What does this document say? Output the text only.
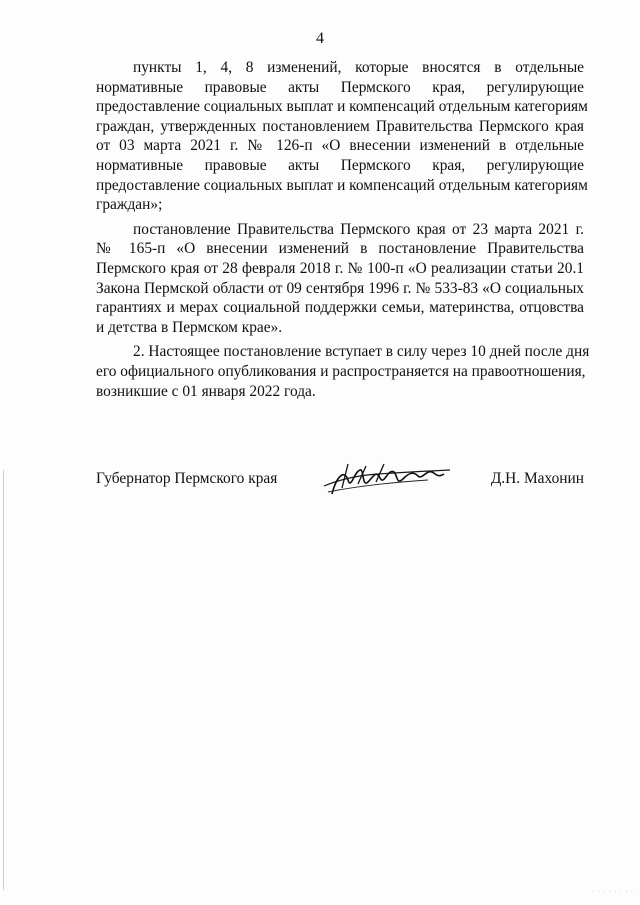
4
пункты 1, 4, 8 изменений, которые вносятся в отдельные
нормативные правовые акты Пермского края, регулирующие
предоставление социальных выплат и компенсаций отдельным категориям
граждан, утвержденных постановлением Правительства Пермского края
от 03 марта 2021 г. № 126-п «О внесении изменений в отдельные
нормативные правовые акты Пермского края, регулирующие
предоставление социальных выплат и компенсаций отдельным категориям
граждан»;
постановление Правительства Пермского края от 23 марта 2021 г.
№ 165-п «О внесении изменений в постановление Правительства
Пермского края от 28 февраля 2018 г. № 100-п «О реализации статьи 20.1
Закона Пермской области от 09 сентября 1996 г. № 533-83 «О социальных
гарантиях и мерах социальной поддержки семьи, материнства, отцовства
и детства в Пермском крае».
2. Настоящее постановление вступает в силу через 10 дней после дня
его официального опубликования и распространяется на правоотношения,
возникшие с 01 января 2022 года.
Губернатор Пермского края	Д.Н. Махонин
· · · · · · · ·
